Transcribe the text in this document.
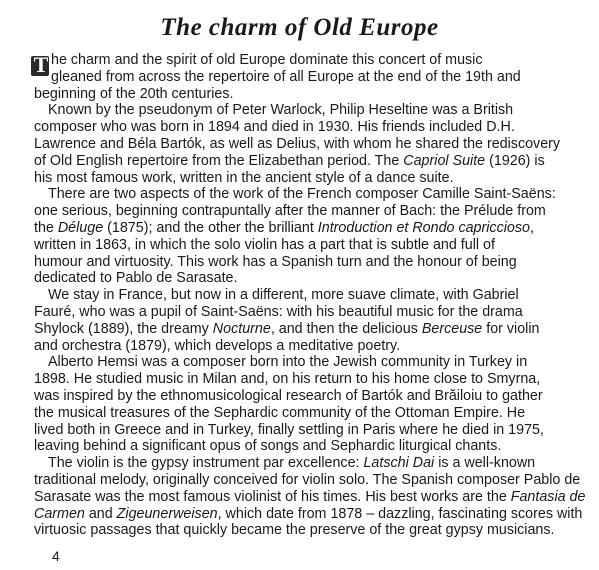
The charm of Old Europe
T he charm and the spirit of old Europe dominate this concert of music
gleaned from across the repertoire of all Europe at the end of the 19th and
beginning of the 20th centuries.
Known by the pseudonym of Peter Warlock, Philip Heseltine was a British
composer who was born in 1894 and died in 1930. His friends included D.H.
Lawrence and Béla Bartók, as well as Delius, with whom he shared the rediscovery
of Old English repertoire from the Elizabethan period. The Capriol Suite (1926) is
his most famous work, written in the ancient style of a dance suite.
There are two aspects of the work of the French composer Camille Saint-Saëns:
one serious, beginning contrapuntally after the manner of Bach: the Prélude from
the Déluge (1875); and the other the brilliant Introduction et Rondo capriccioso,
written in 1863, in which the solo violin has a part that is subtle and full of
humour and virtuosity. This work has a Spanish turn and the honour of being
dedicated to Pablo de Sarasate.
We stay in France, but now in a different, more suave climate, with Gabriel
Fauré, who was a pupil of Saint-Saëns: with his beautiful music for the drama
Shylock (1889), the dreamy Nocturne, and then the delicious Berceuse for violin
and orchestra (1879), which develops a meditative poetry.
Alberto Hemsi was a composer born into the Jewish community in Turkey in
1898. He studied music in Milan and, on his return to his home close to Smyrna,
was inspired by the ethnomusicological research of Bartók and Brăiloiu to gather
the musical treasures of the Sephardic community of the Ottoman Empire. He
lived both in Greece and in Turkey, finally settling in Paris where he died in 1975,
leaving behind a significant opus of songs and Sephardic liturgical chants.
The violin is the gypsy instrument par excellence: Latschi Dai is a well-known
traditional melody, originally conceived for violin solo. The Spanish composer Pablo de
Sarasate was the most famous violinist of his times. His best works are the Fantasia de
Carmen and Zigeunerweisen, which date from 1878 – dazzling, fascinating scores with
virtuosic passages that quickly became the preserve of the great gypsy musicians.
4
